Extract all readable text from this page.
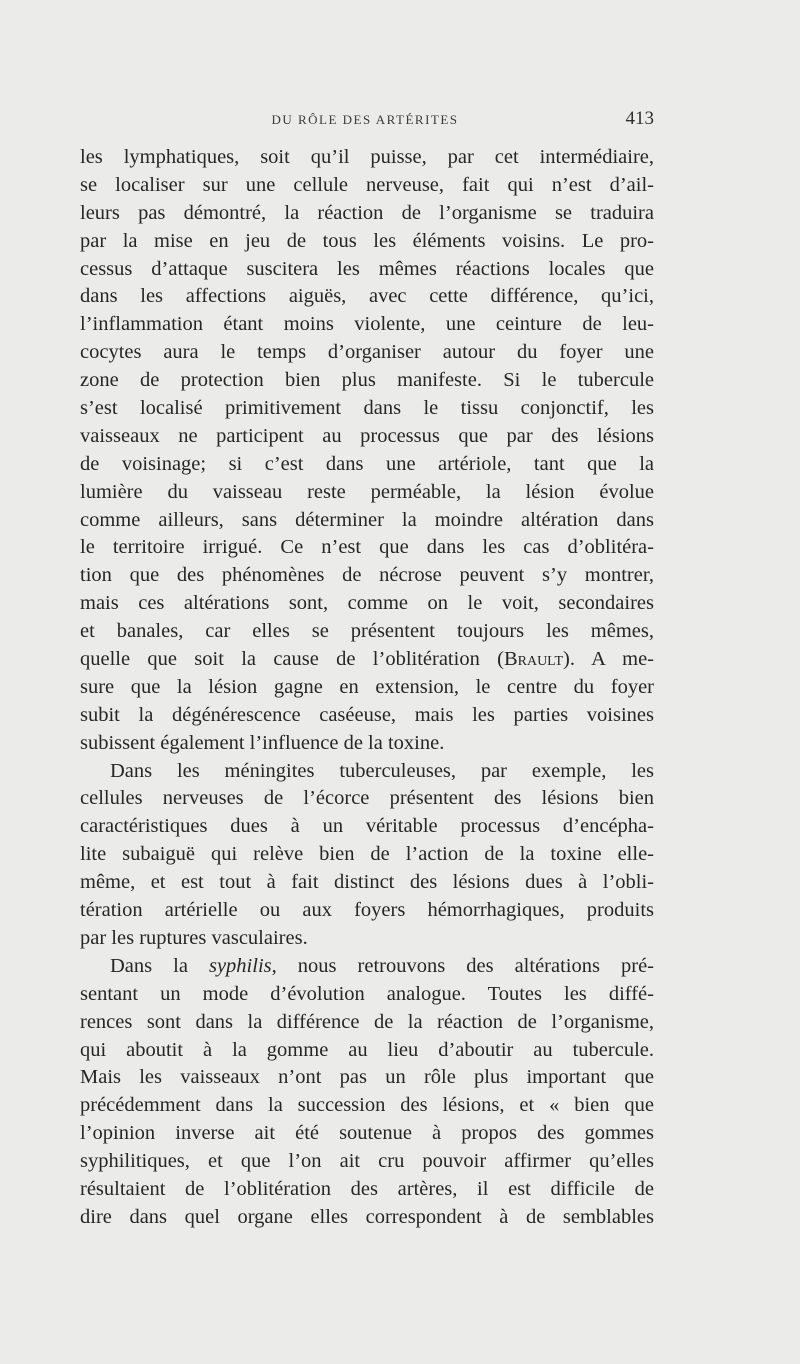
DU RÔLE DES ARTÉRITES	413
les lymphatiques, soit qu’il puisse, par cet intermédiaire,
se localiser sur une cellule nerveuse, fait qui n’est d’ail-
leurs pas démontré, la réaction de l’organisme se traduira
par la mise en jeu de tous les éléments voisins. Le pro-
cessus d’attaque suscitera les mêmes réactions locales que
dans les affections aiguës, avec cette différence, qu’ici,
l’inflammation étant moins violente, une ceinture de leu-
cocytes aura le temps d’organiser autour du foyer une
zone de protection bien plus manifeste. Si le tubercule
s’est localisé primitivement dans le tissu conjonctif, les
vaisseaux ne participent au processus que par des lésions
de voisinage; si c’est dans une artériole, tant que la
lumière du vaisseau reste perméable, la lésion évolue
comme ailleurs, sans déterminer la moindre altération dans
le territoire irrigué. Ce n’est que dans les cas d’oblitéra-
tion que des phénomènes de nécrose peuvent s’y montrer,
mais ces altérations sont, comme on le voit, secondaires
et banales, car elles se présentent toujours les mêmes,
quelle que soit la cause de l’oblitération (Brault). A me-
sure que la lésion gagne en extension, le centre du foyer
subit la dégénérescence caséeuse, mais les parties voisines
subissent également l’influence de la toxine.
Dans les méningites tuberculeuses, par exemple, les
cellules nerveuses de l’écorce présentent des lésions bien
caractéristiques dues à un véritable processus d’encépha-
lite subaiguë qui relève bien de l’action de la toxine elle-
même, et est tout à fait distinct des lésions dues à l’obli-
tération artérielle ou aux foyers hémorrhagiques, produits
par les ruptures vasculaires.
Dans la syphilis, nous retrouvons des altérations pré-
sentant un mode d’évolution analogue. Toutes les diffé-
rences sont dans la différence de la réaction de l’organisme,
qui aboutit à la gomme au lieu d’aboutir au tubercule.
Mais les vaisseaux n’ont pas un rôle plus important que
précédemment dans la succession des lésions, et « bien que
l’opinion inverse ait été soutenue à propos des gommes
syphilitiques, et que l’on ait cru pouvoir affirmer qu’elles
résultaient de l’oblitération des artères, il est difficile de
dire dans quel organe elles correspondent à de semblables
